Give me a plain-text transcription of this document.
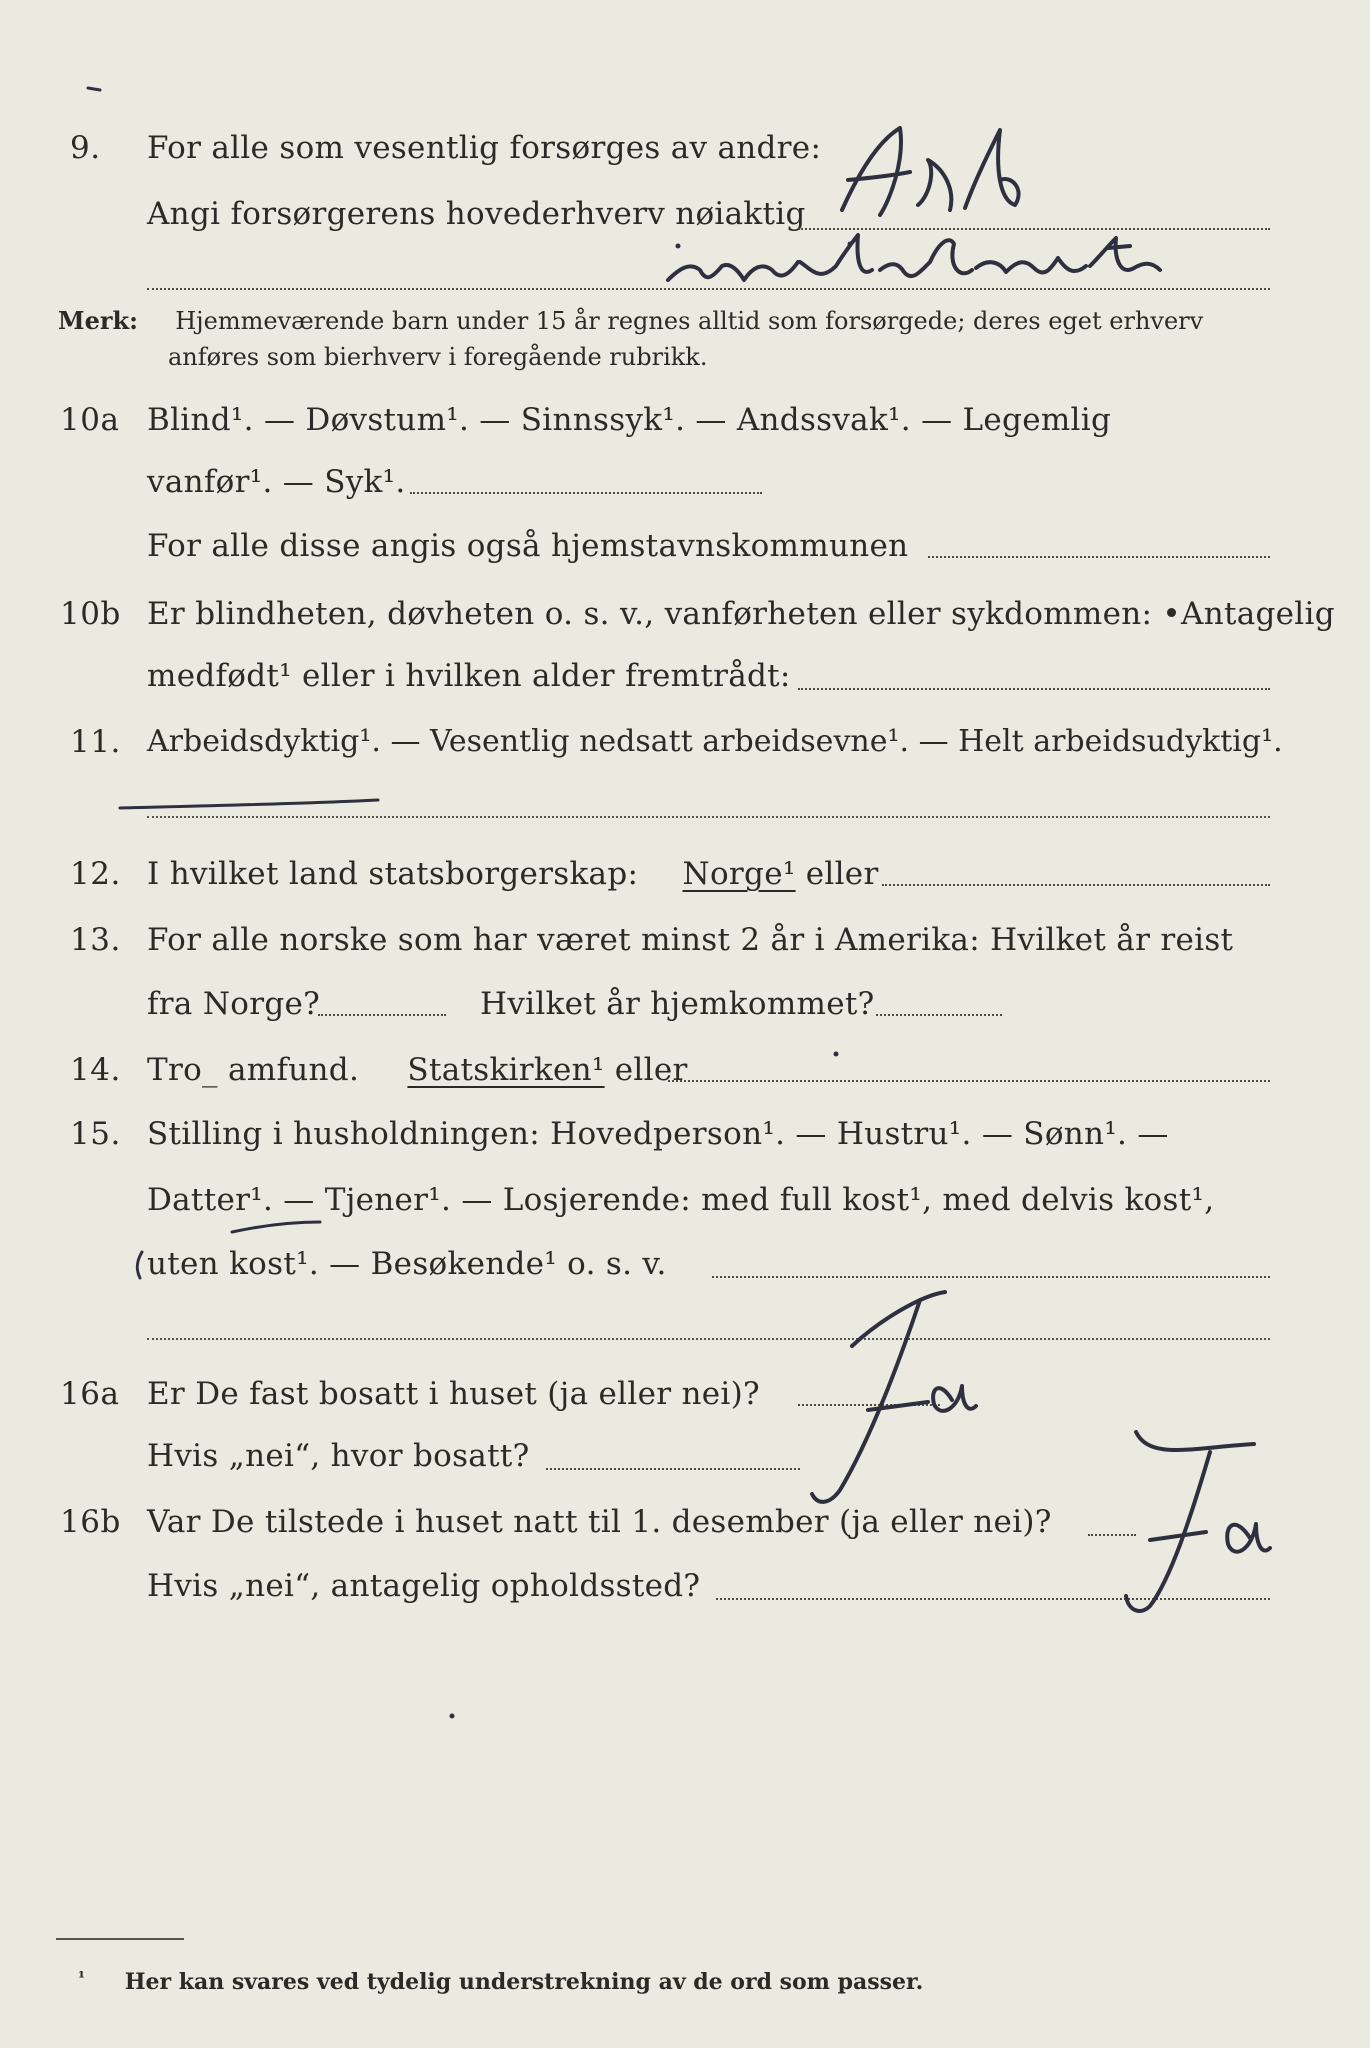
9. For alle som vesentlig forsørges av andre:
Angi forsørgerens hovederhverv nøiaktig
Merk: Hjemmeværende barn under 15 år regnes alltid som forsørgede; deres eget erhverv
anføres som bierhverv i foregående rubrikk.
10a Blind¹. — Døvstum¹. — Sinnssyk¹. — Andssvak¹. — Legemlig
vanfør¹. — Syk¹.
For alle disse angis også hjemstavnskommunen
10b Er blindheten, døvheten o. s. v., vanførheten eller sykdommen: •Antagelig
medfødt¹ eller i hvilken alder fremtrådt:
11. Arbeidsdyktig¹. — Vesentlig nedsatt arbeidsevne¹. — Helt arbeidsudyktig¹.
12. I hvilket land statsborgerskap: Norge¹ eller
13. For alle norske som har været minst 2 år i Amerika: Hvilket år reist
fra Norge?	Hvilket år hjemkommet?
14. Tro_ amfund. Statskirken¹ eller
15. Stilling i husholdningen: Hovedperson¹. — Hustru¹. — Sønn¹. —
Datter¹. — Tjener¹. — Losjerende: med full kost¹, med delvis kost¹,
uten kost¹. — Besøkende¹ o. s. v.
16a Er De fast bosatt i huset (ja eller nei)?
Hvis „nei“, hvor bosatt?
16b Var De tilstede i huset natt til 1. desember (ja eller nei)?
Hvis „nei“, antagelig opholdssted?
$^{^1}$ Her kan svares ved tydelig understrekning av de ord som passer.
